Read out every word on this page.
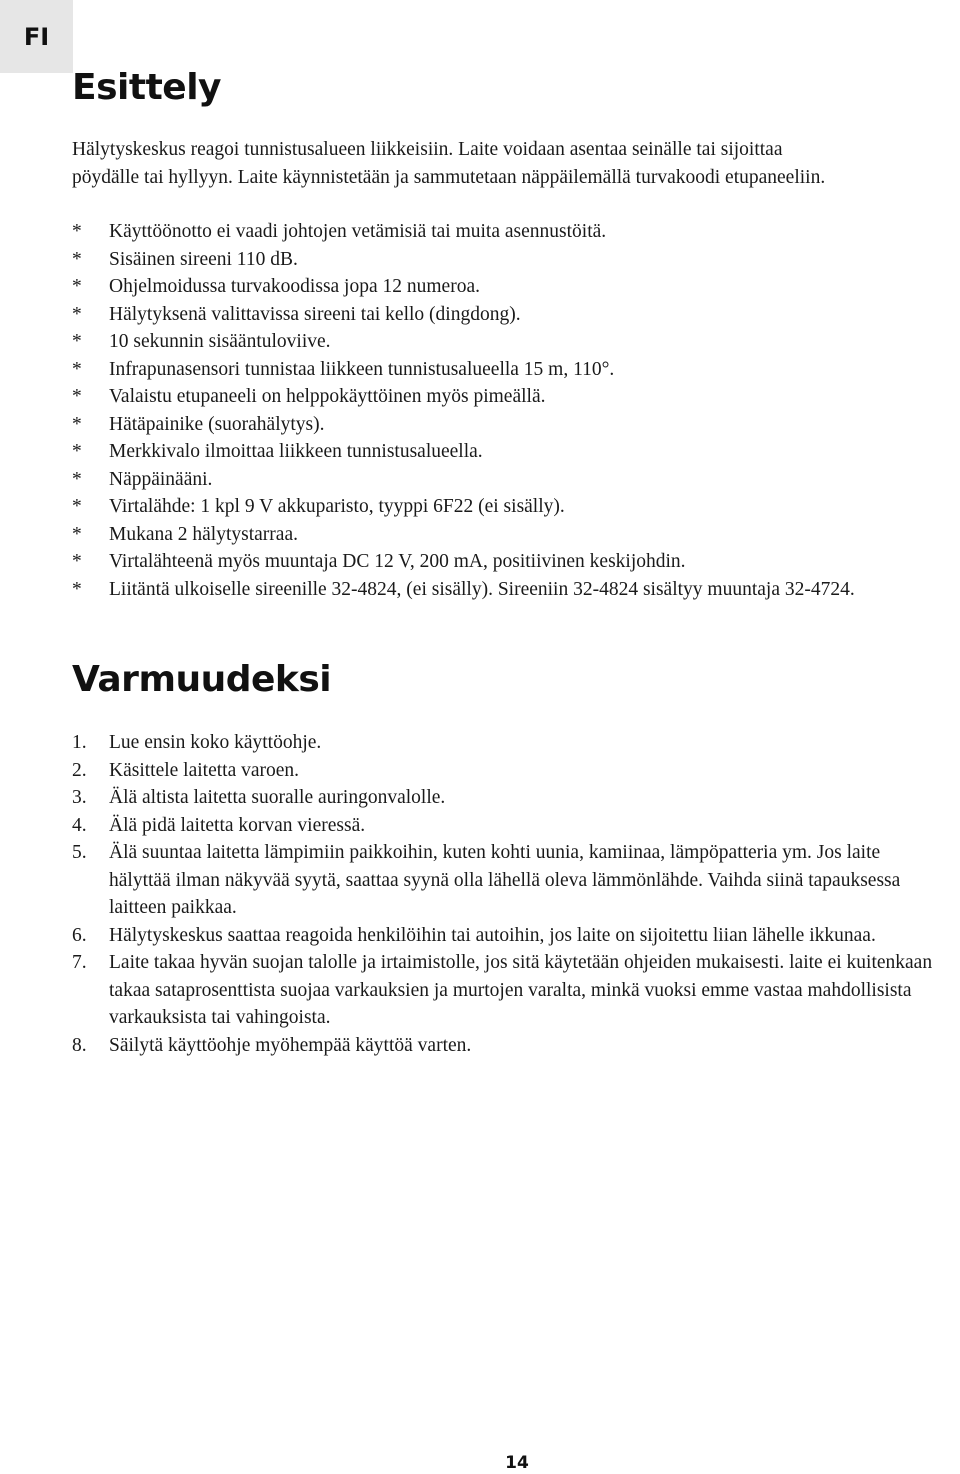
FI
Esittely

Hälytyskeskus reagoi tunnistusalueen liikkeisiin. Laite voidaan asentaa seinälle tai sijoittaa
pöydälle tai hyllyyn. Laite käynnistetään ja sammutetaan näppäilemällä turvakoodi etupaneeliin.

* Käyttöönotto ei vaadi johtojen vetämisiä tai muita asennustöitä.
* Sisäinen sireeni 110 dB.
* Ohjelmoidussa turvakoodissa jopa 12 numeroa.
* Hälytyksenä valittavissa sireeni tai kello (dingdong).
* 10 sekunnin sisääntuloviive.
* Infrapunasensori tunnistaa liikkeen tunnistusalueella 15 m, 110°.
* Valaistu etupaneeli on helppokäyttöinen myös pimeällä.
* Hätäpainike (suorahälytys).
* Merkkivalo ilmoittaa liikkeen tunnistusalueella.
* Näppäinääni.
* Virtalähde: 1 kpl 9 V akkuparisto, tyyppi 6F22 (ei sisälly).
* Mukana 2 hälytystarraa.
* Virtalähteenä myös muuntaja DC 12 V, 200 mA, positiivinen keskijohdin.
* Liitäntä ulkoiselle sireenille 32-4824, (ei sisälly). Sireeniin 32-4824 sisältyy muuntaja 32-4724.
Varmuudeksi
1. Lue ensin koko käyttöohje.
2. Käsittele laitetta varoen.
3. Älä altista laitetta suoralle auringonvalolle.
4. Älä pidä laitetta korvan vieressä.
5. Älä suuntaa laitetta lämpimiin paikkoihin, kuten kohti uunia, kamiinaa, lämpöpatteria ym. Jos laite hälyttää ilman näkyvää syytä, saattaa syynä olla lähellä oleva lämmönlähde. Vaihda siinä tapauksessa laitteen paikkaa.
6. Hälytyskeskus saattaa reagoida henkilöihin tai autoihin, jos laite on sijoitettu liian lähelle ikkunaa.
7. Laite takaa hyvän suojan talolle ja irtaimistolle, jos sitä käytetään ohjeiden mukaisesti. laite ei kuitenkaan takaa sataprosenttista suojaa varkauksien ja murtojen varalta, minkä vuoksi emme vastaa mahdollisista varkauksista tai vahingoista.
8. Säilytä käyttöohje myöhempää käyttöä varten.
14
